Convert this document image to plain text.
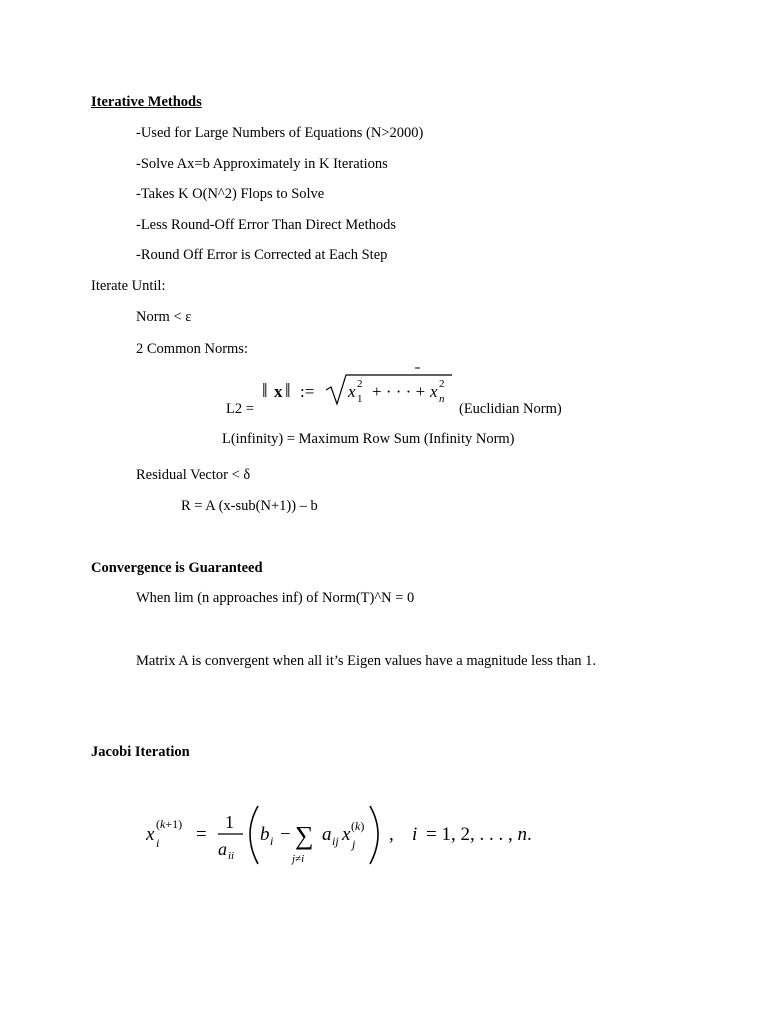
Iterative Methods
-Used for Large Numbers of Equations (N>2000)
-Solve Ax=b Approximately in K Iterations
-Takes K O(N^2) Flops to Solve
-Less Round-Off Error Than Direct Methods
-Round Off Error is Corrected at Each Step
Iterate Until:
Norm < ε
2 Common Norms:
L2 =
‖ x ‖ := x 2
1 + · · · + x 2
n
(Euclidian Norm)
L(infinity) = Maximum Row Sum (Infinity Norm)
Residual Vector < δ
R = A (x-sub(N+1)) – b
Convergence is Guaranteed
When lim (n approaches inf) of Norm(T)^N = 0
Matrix A is convergent when all it’s Eigen values have a magnitude less than 1.
Jacobi Iteration
x i
(k+1) =
1
a ii
b i − ∑
j≠i
a ij x j
(k) , i = 1, 2, . . . , n.
